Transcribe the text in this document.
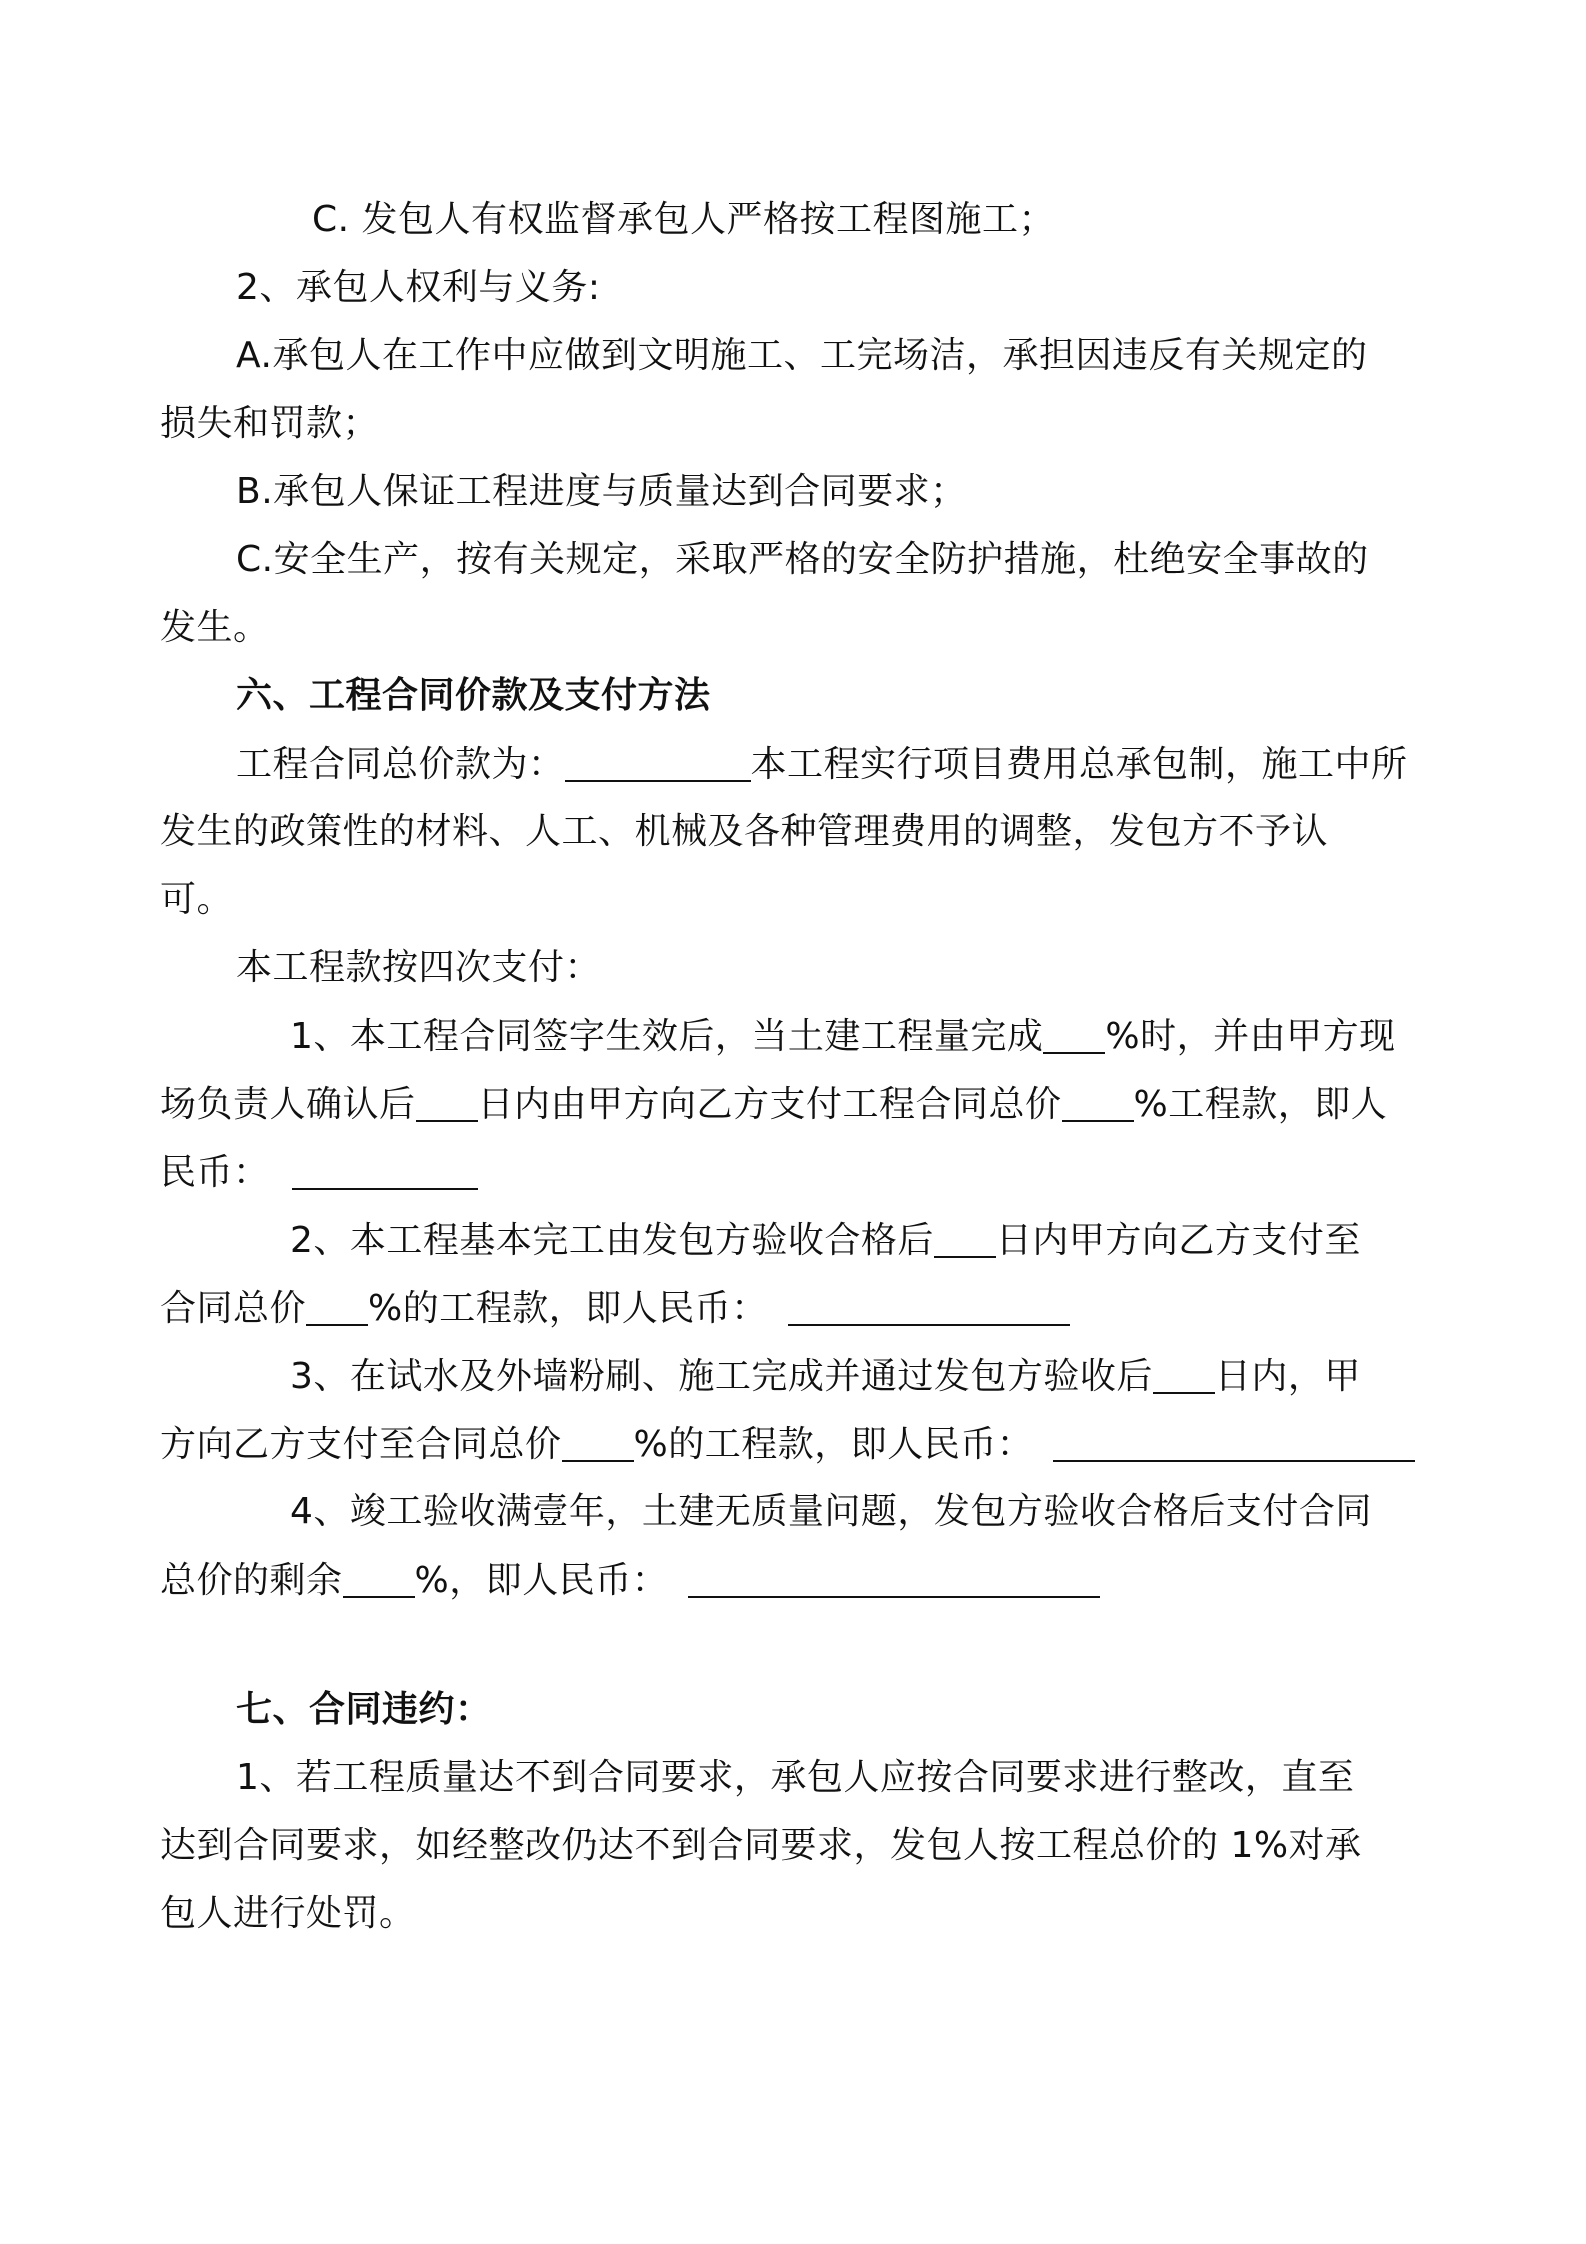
C. 发包人有权监督承包人严格按工程图施工；
2、承包人权利与义务:
A.承包人在工作中应做到文明施工、工完场洁，承担因违反有关规定的
损失和罚款；
B.承包人保证工程进度与质量达到合同要求；
C.安全生产，按有关规定，采取严格的安全防护措施，杜绝安全事故的
发生。
六、工程合同价款及支付方法
工程合同总价款为：	本工程实行项目费用总承包制，施工中所
发生的政策性的材料、人工、机械及各种管理费用的调整，发包方不予认
可。
本工程款按四次支付：
1、本工程合同签字生效后，当土建工程量完成 %时，并由甲方现
场负责人确认后 日内由甲方向乙方支付工程合同总价 %工程款，即人
民币：
2、本工程基本完工由发包方验收合格后 日内甲方向乙方支付至
合同总价 %的工程款，即人民币：
3、在试水及外墙粉刷、施工完成并通过发包方验收后 日内，甲
方向乙方支付至合同总价 %的工程款，即人民币：
4、竣工验收满壹年，土建无质量问题，发包方验收合格后支付合同
总价的剩余 %，即人民币：
七、合同违约：
1、若工程质量达不到合同要求，承包人应按合同要求进行整改，直至
达到合同要求，如经整改仍达不到合同要求，发包人按工程总价的 1%对承
包人进行处罚。
